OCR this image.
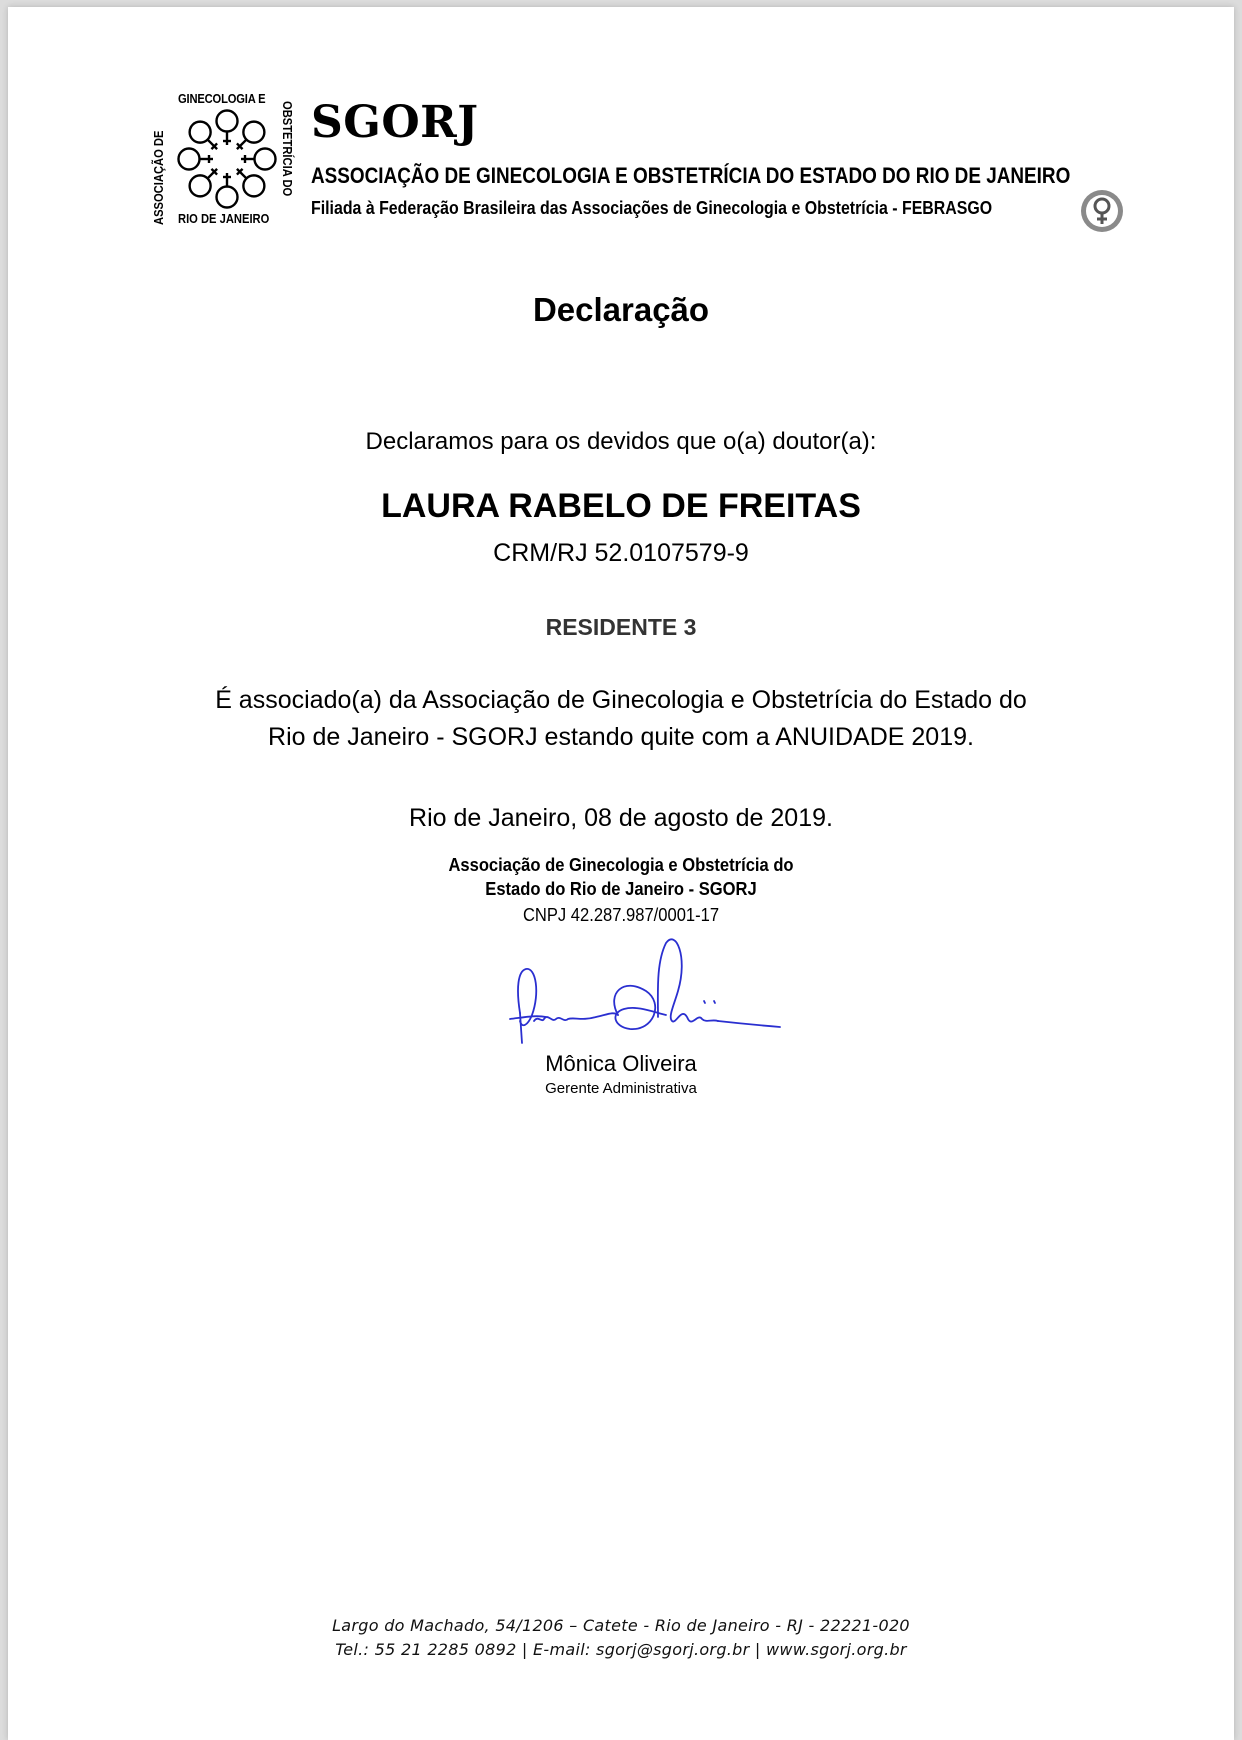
GINECOLOGIA E
ASSOCIAÇÃO DE	OBSTETRÍCIA DO
RIO DE JANEIRO
SGORJ
ASSOCIAÇÃO DE GINECOLOGIA E OBSTETRÍCIA DO ESTADO DO RIO DE JANEIRO
Filiada à Federação Brasileira das Associações de Ginecologia e Obstetrícia - FEBRASGO
Declaração
Declaramos para os devidos que o(a) doutor(a):
LAURA RABELO DE FREITAS
CRM/RJ 52.0107579-9
RESIDENTE 3
É associado(a) da Associação de Ginecologia e Obstetrícia do Estado do
Rio de Janeiro - SGORJ estando quite com a ANUIDADE 2019.
Rio de Janeiro, 08 de agosto de 2019.
Associação de Ginecologia e Obstetrícia do
Estado do Rio de Janeiro - SGORJ
CNPJ 42.287.987/0001-17
Mônica Oliveira
Gerente Administrativa
Largo do Machado, 54/1206 – Catete - Rio de Janeiro - RJ - 22221-020
Tel.: 55 21 2285 0892 | E-mail: sgorj@sgorj.org.br | www.sgorj.org.br
